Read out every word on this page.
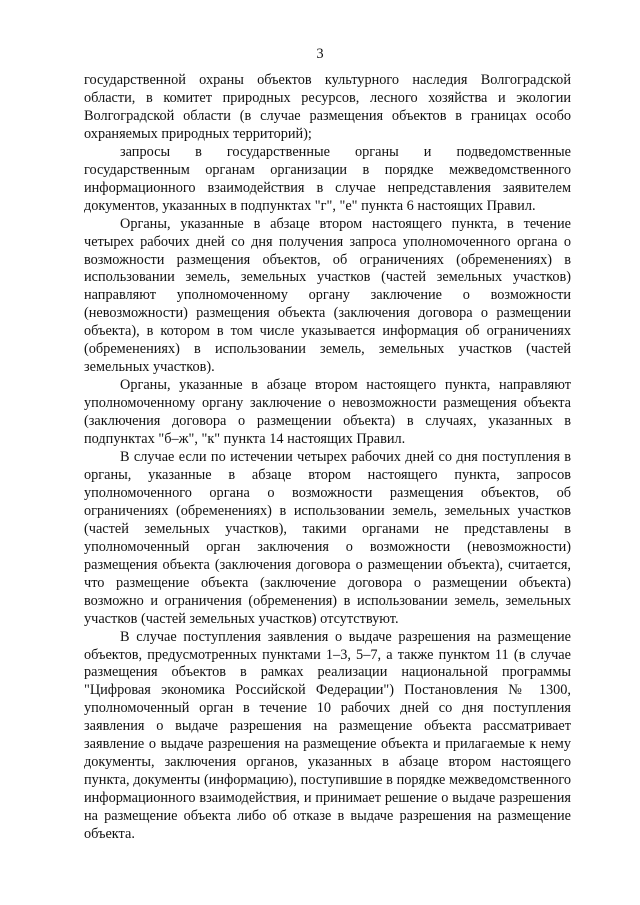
3

государственной охраны объектов культурного наследия Волгоградской области, в комитет природных ресурсов, лесного хозяйства и экологии Волгоградской области (в случае размещения объектов в границах особо охраняемых природных территорий);

запросы в государственные органы и подведомственные государственным органам организации в порядке межведомственного информационного взаимодействия в случае непредставления заявителем документов, указанных в подпунктах "г", "е" пункта 6 настоящих Правил.

Органы, указанные в абзаце втором настоящего пункта, в течение четырех рабочих дней со дня получения запроса уполномоченного органа о возможности размещения объектов, об ограничениях (обременениях) в использовании земель, земельных участков (частей земельных участков) направляют уполномоченному органу заключение о возможности (невозможности) размещения объекта (заключения договора о размещении объекта), в котором в том числе указывается информация об ограничениях (обременениях) в использовании земель, земельных участков (частей земельных участков).

Органы, указанные в абзаце втором настоящего пункта, направляют уполномоченному органу заключение о невозможности размещения объекта (заключения договора о размещении объекта) в случаях, указанных в подпунктах "б–ж", "к" пункта 14 настоящих Правил.

В случае если по истечении четырех рабочих дней со дня поступления в органы, указанные в абзаце втором настоящего пункта, запросов уполномоченного органа о возможности размещения объектов, об ограничениях (обременениях) в использовании земель, земельных участков (частей земельных участков), такими органами не представлены в уполномоченный орган заключения о возможности (невозможности) размещения объекта (заключения договора о размещении объекта), считается, что размещение объекта (заключение договора о размещении объекта) возможно и ограничения (обременения) в использовании земель, земельных участков (частей земельных участков) отсутствуют.

В случае поступления заявления о выдаче разрешения на размещение объектов, предусмотренных пунктами 1–3, 5–7, а также пунктом 11 (в случае размещения объектов в рамках реализации национальной программы "Цифровая экономика Российской Федерации") Постановления № 1300, уполномоченный орган в течение 10 рабочих дней со дня поступления заявления о выдаче разрешения на размещение объекта рассматривает заявление о выдаче разрешения на размещение объекта и прилагаемые к нему документы, заключения органов, указанных в абзаце втором настоящего пункта, документы (информацию), поступившие в порядке межведомственного информационного взаимодействия, и принимает решение о выдаче разрешения на размещение объекта либо об отказе в выдаче разрешения на размещение объекта.
